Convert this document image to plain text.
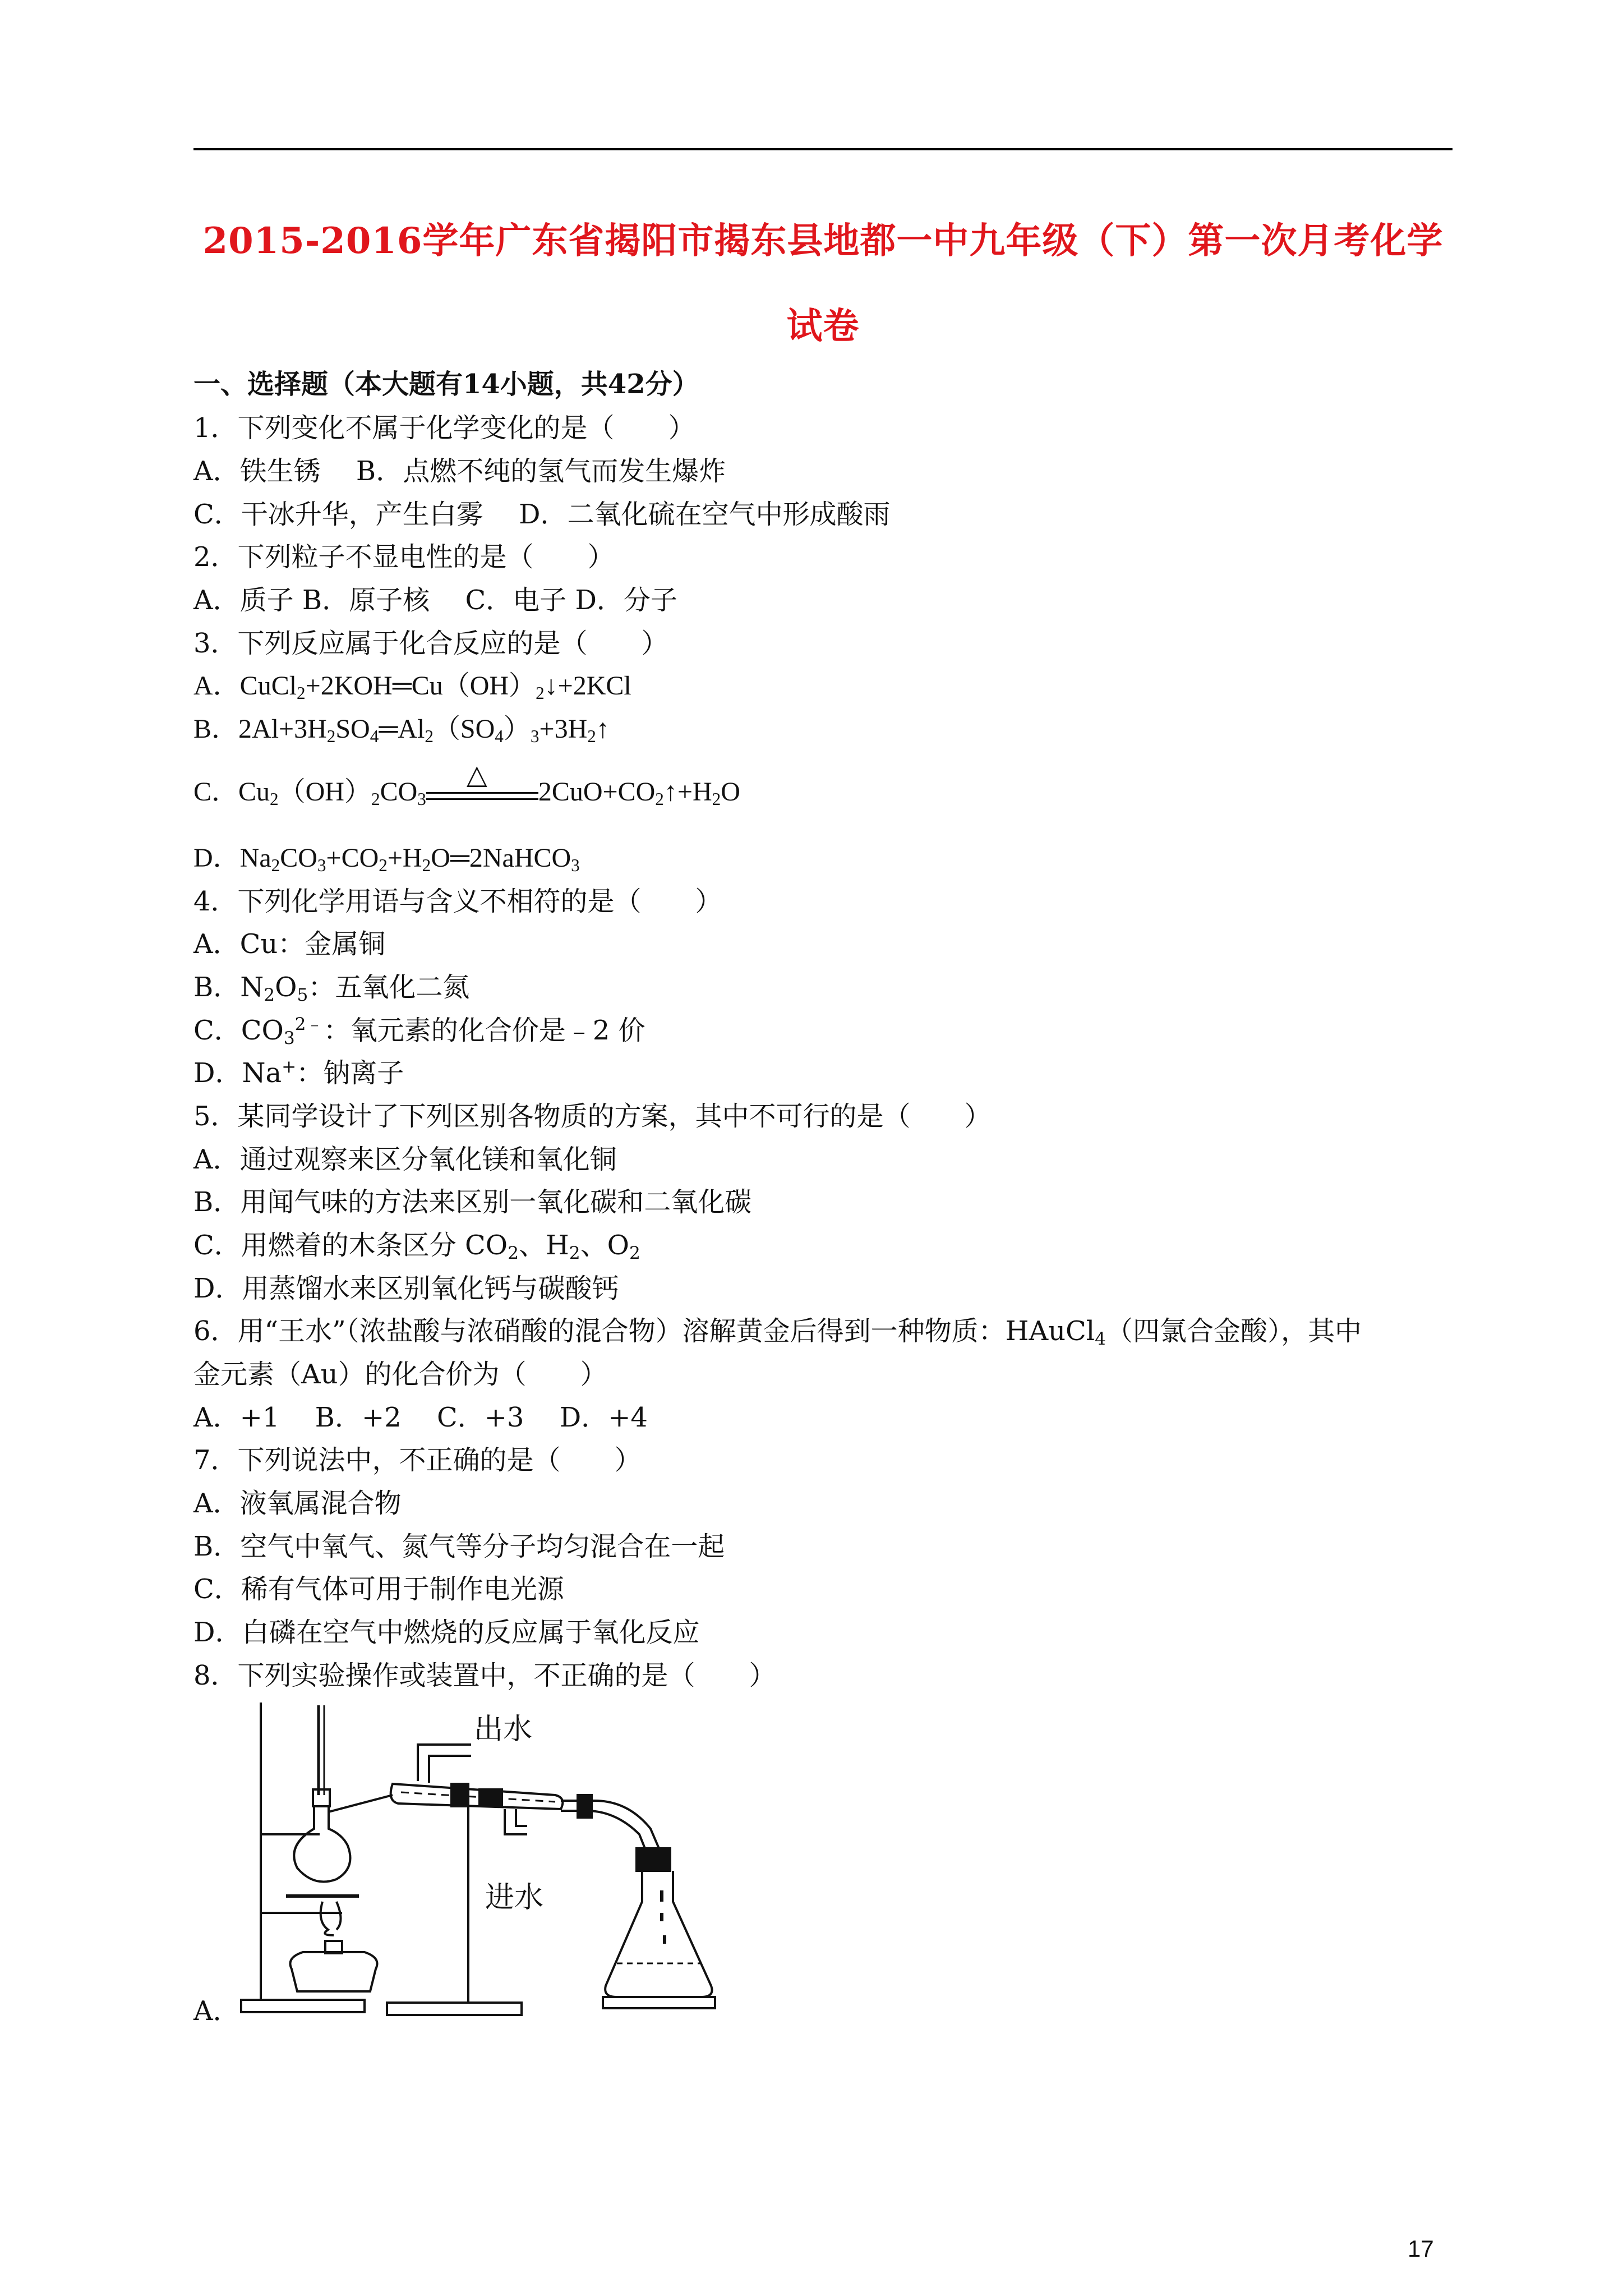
2015-2016学年广东省揭阳市揭东县地都一中九年级（下）第一次月考化学
试卷
一、选择题（本大题有14小题，共42分）
1．下列变化不属于化学变化的是（　　）
A．铁生锈　 B．点燃不纯的氢气而发生爆炸
C．干冰升华，产生白雾　 D．二氧化硫在空气中形成酸雨
2．下列粒子不显电性的是（　　）
A．质子 B．原子核　 C．电子 D．分子
3．下列反应属于化合反应的是（　　）
A．$CuCl_2+2KOH═Cu(OH)_2↓+2KCl$
B．$2Al+3H_2SO_4═Al_2(SO_4)_3+3H_2↑$
C．$Cu_2(OH)_2CO_3$
△
$2CuO+CO_2↑+H_2O$
D．$Na_2CO_3+CO_2+H_2O═2NaHCO_3$
4．下列化学用语与含义不相符的是（　　）
A．Cu：金属铜
B．$N_2O_5$：五氧化二氮
C．$CO_3^{2﹣}$：氧元素的化合价是﹣2 价
D．Na+：钠离子
5．某同学设计了下列区别各物质的方案，其中不可行的是（　　）
A．通过观察来区分氧化镁和氧化铜
B．用闻气味的方法来区别一氧化碳和二氧化碳
C．用燃着的木条区分 $CO_2$、$H_2$、$O_2$
D．用蒸馏水来区别氧化钙与碳酸钙
6．用“王水”（浓盐酸与浓硝酸的混合物）溶解黄金后得到一种物质：HAuCl$_4$（四氯合金酸），其中
金元素（Au）的化合价为（　　）
A．+1　 B．+2　 C．+3　 D．+4
7．下列说法中，不正确的是（　　）
A．液氧属混合物
B．空气中氧气、氮气等分子均匀混合在一起
C．稀有气体可用于制作电光源
D．白磷在空气中燃烧的反应属于氧化反应
8．下列实验操作或装置中，不正确的是（　　）
出水
进水
A．
17
